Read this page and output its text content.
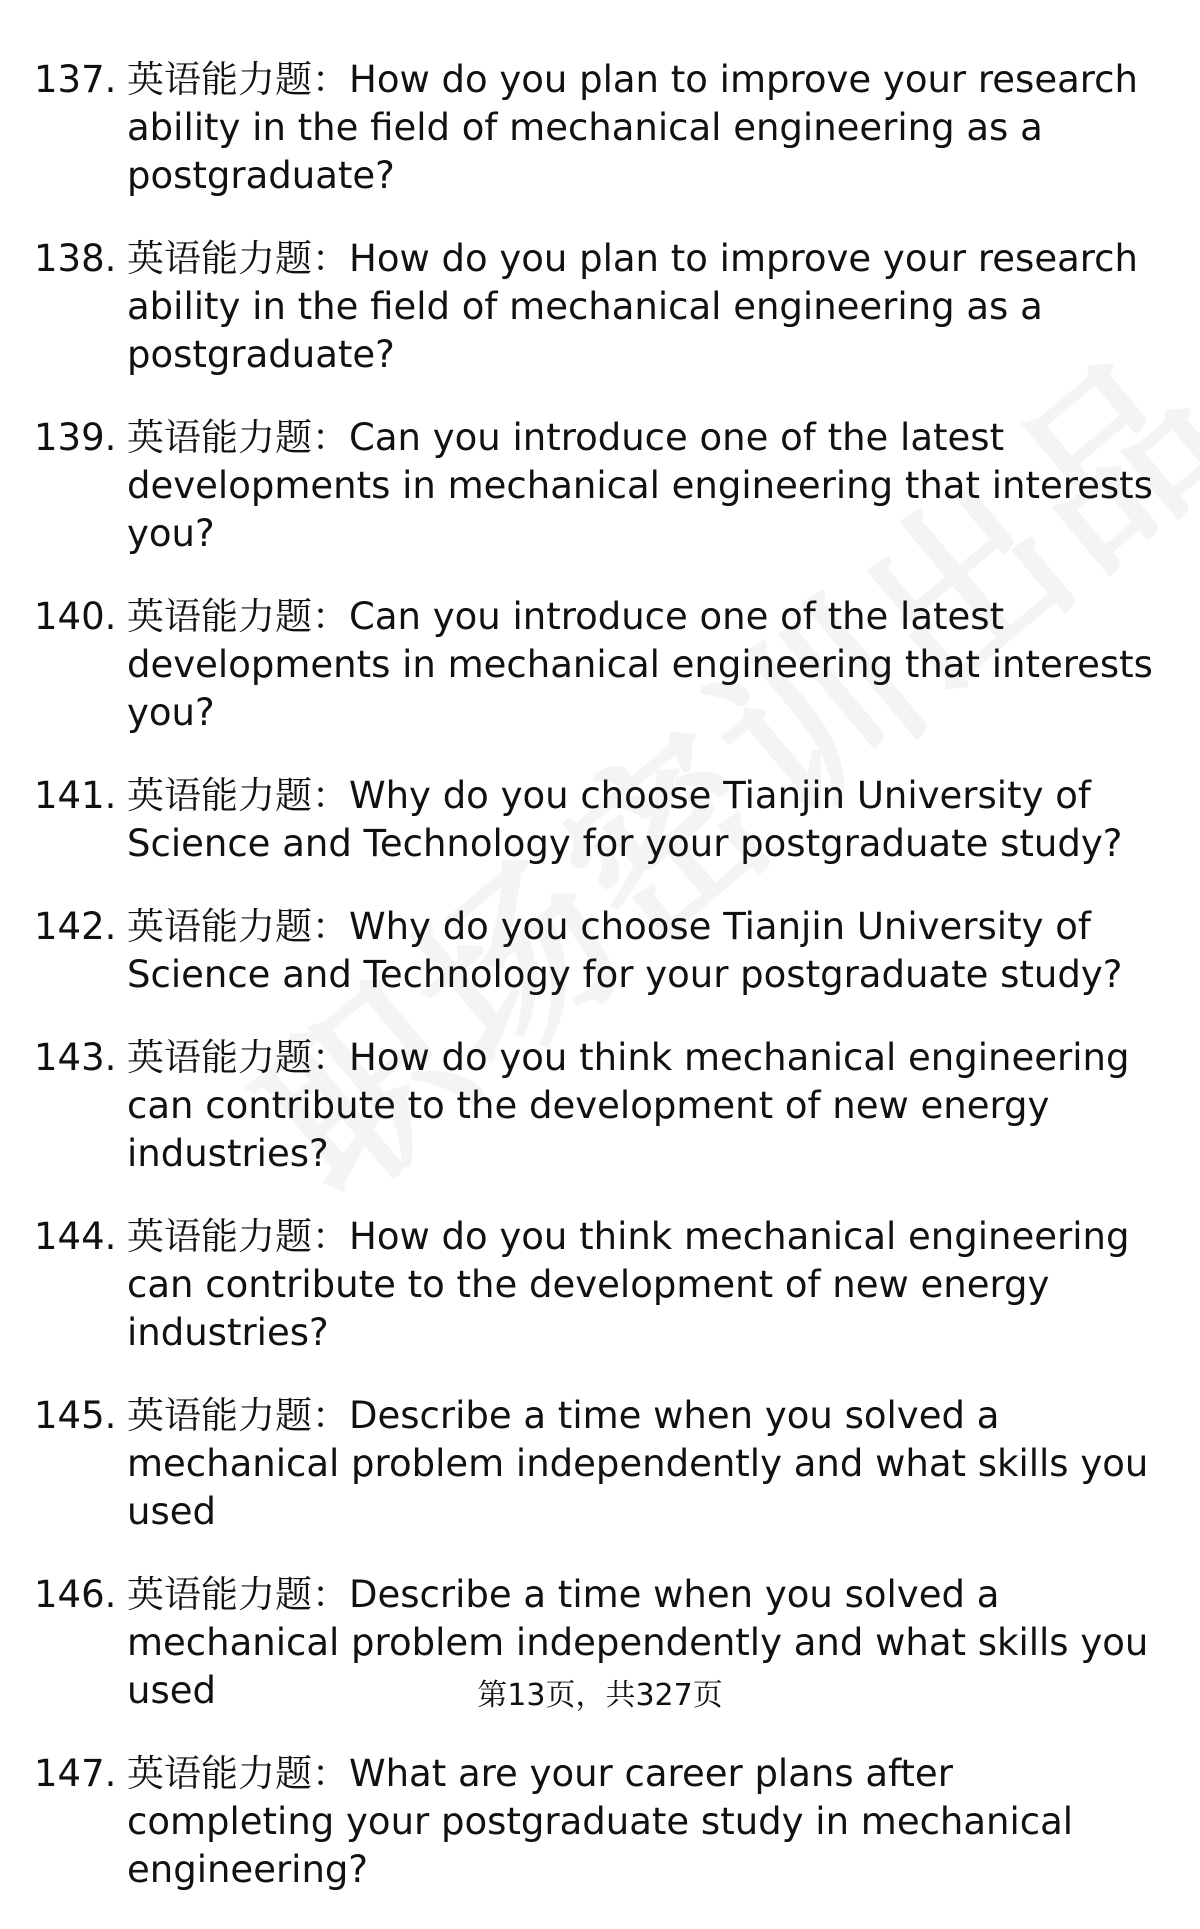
137. 英语能力题：How do you plan to improve your research ability in the field of mechanical engineering as a postgraduate?
138. 英语能力题：How do you plan to improve your research ability in the field of mechanical engineering as a postgraduate?
139. 英语能力题：Can you introduce one of the latest developments in mechanical engineering that interests you?
140. 英语能力题：Can you introduce one of the latest developments in mechanical engineering that interests you?
141. 英语能力题：Why do you choose Tianjin University of Science and Technology for your postgraduate study?
142. 英语能力题：Why do you choose Tianjin University of Science and Technology for your postgraduate study?
143. 英语能力题：How do you think mechanical engineering can contribute to the development of new energy industries?
144. 英语能力题：How do you think mechanical engineering can contribute to the development of new energy industries?
145. 英语能力题：Describe a time when you solved a mechanical problem independently and what skills you used
146. 英语能力题：Describe a time when you solved a mechanical problem independently and what skills you used
147. 英语能力题：What are your career plans after completing your postgraduate study in mechanical engineering?
第13页，共327页
